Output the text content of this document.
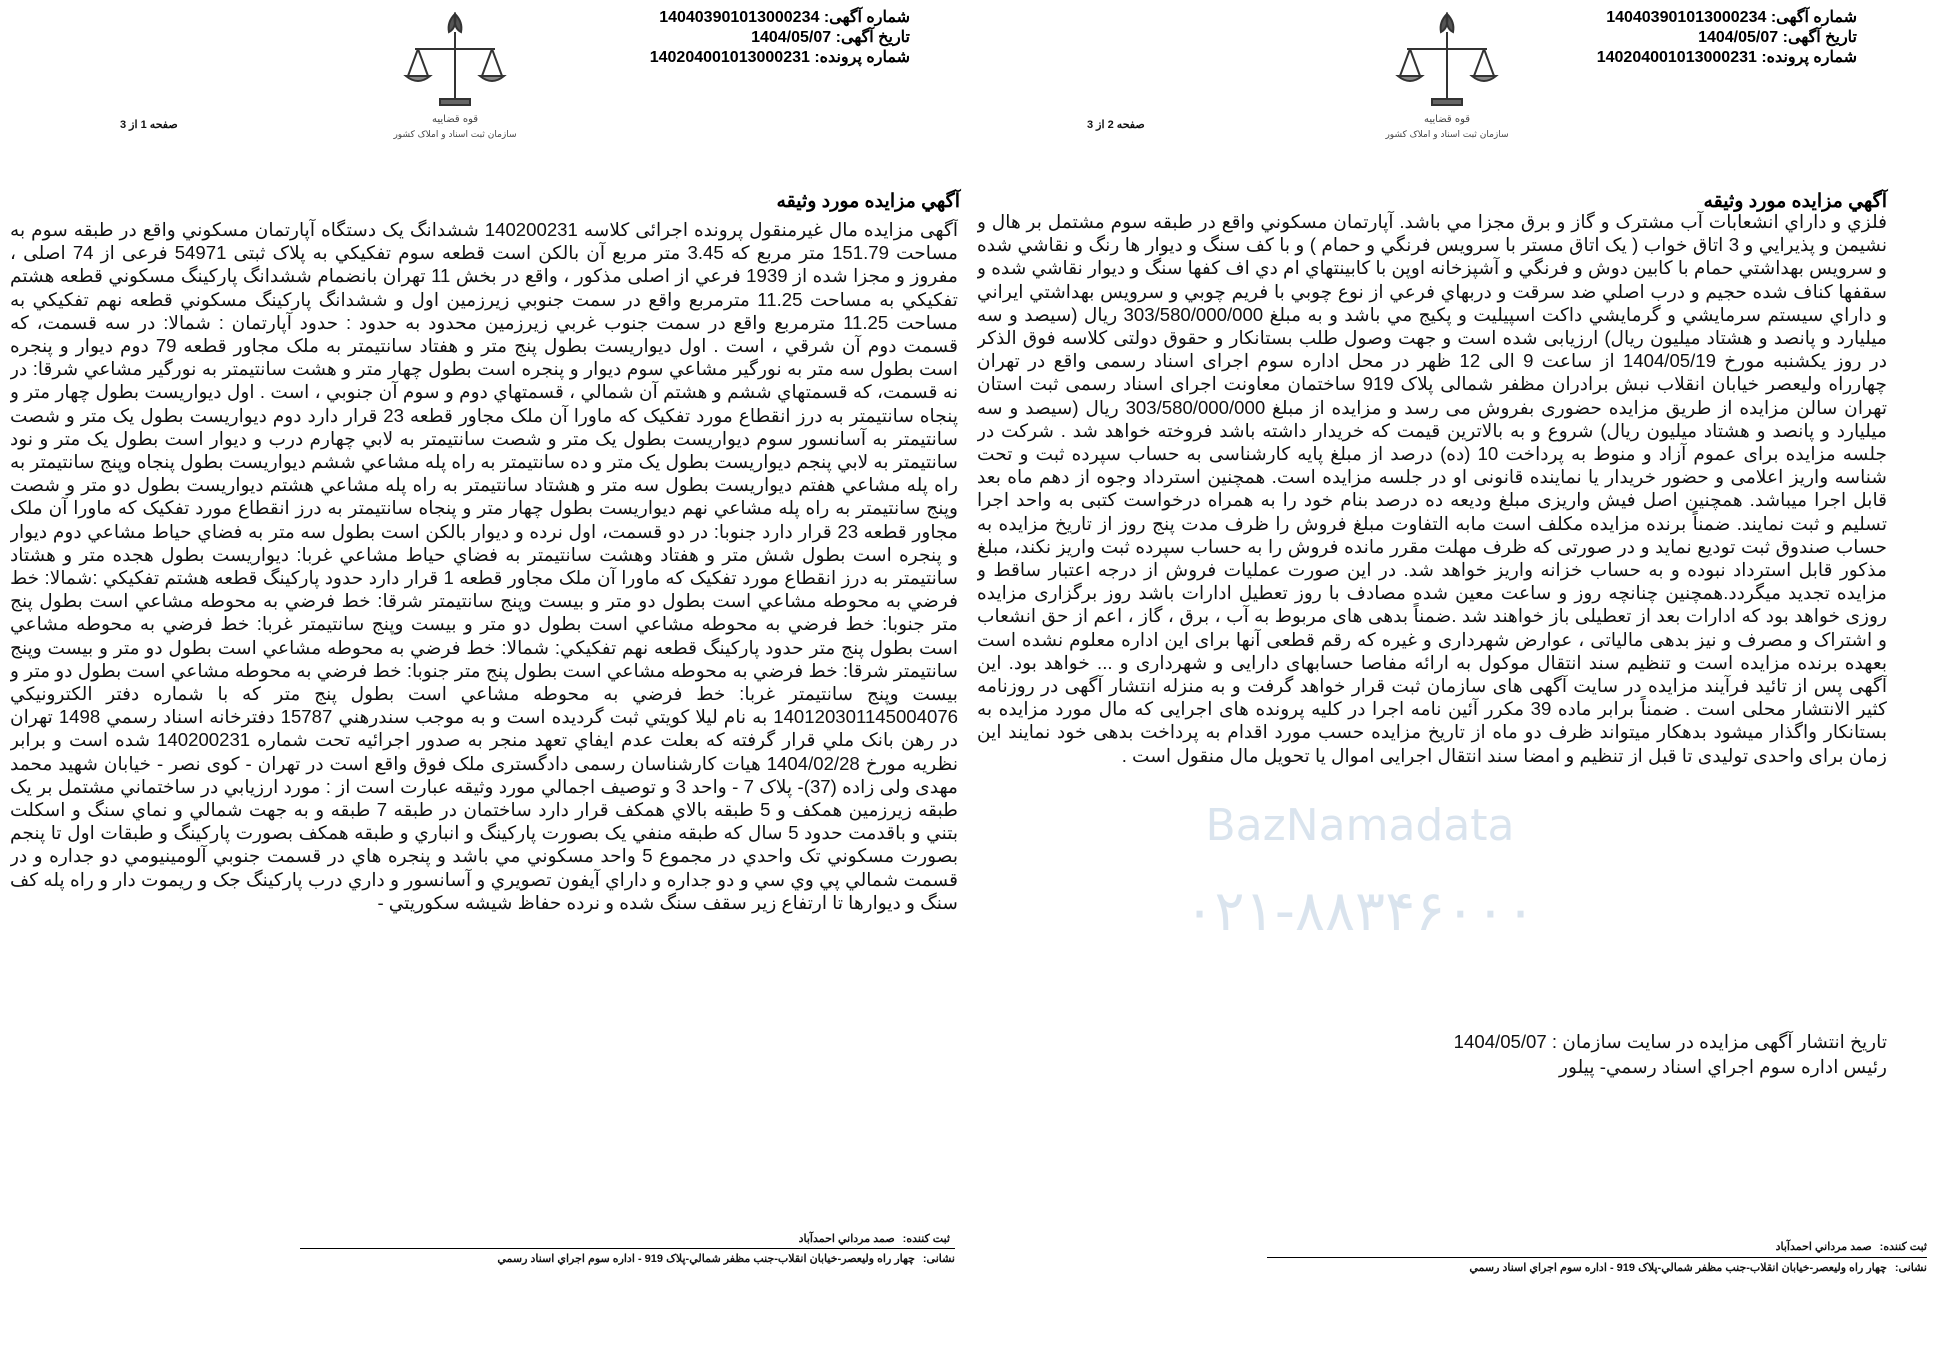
شماره آگهی: 140403901013000234
تاریخ آگهی: 1404/05/07
شماره پرونده: 140204001013000231
قوه قضاییه
سازمان ثبت اسناد و املاک کشور
صفحه 1 از 3
آگهي مزايده مورد وثيقه
آگهی مزایده مال غیرمنقول پرونده اجرائی کلاسه 140200231 ششدانگ يک دستگاه آپارتمان مسکوني واقع در طبقه سوم به مساحت 151.79 متر مربع که 3.45 متر مربع آن بالکن است قطعه سوم تفکيکي به پلاک ثبتی 54971 فرعی از 74 اصلی ، مفروز و مجزا شده از 1939 فرعي از اصلی مذکور ، واقع در بخش 11 تهران بانضمام ششدانگ پارکينگ مسکوني قطعه هشتم تفکيکي به مساحت 11.25 مترمربع واقع در سمت جنوبي زيرزمين اول و ششدانگ پارکينگ مسکوني قطعه نهم تفکيکي به مساحت 11.25 مترمربع واقع در سمت جنوب غربي زيرزمين محدود به حدود : حدود آپارتمان : شمالا: در سه قسمت، که قسمت دوم آن شرقي ، است . اول ديواريست بطول پنج متر و هفتاد سانتيمتر به ملک مجاور قطعه 79 دوم ديوار و پنجره است بطول سه متر به نورگير مشاعي سوم ديوار و پنجره است بطول چهار متر و هشت سانتيمتر به نورگير مشاعي شرقا: در نه قسمت، که قسمتهاي ششم و هشتم آن شمالي ، قسمتهاي دوم و سوم آن جنوبي ، است . اول ديواريست بطول چهار متر و پنجاه سانتيمتر به درز انقطاع مورد تفکيک که ماورا آن ملک مجاور قطعه 23 قرار دارد دوم ديواريست بطول يک متر و شصت سانتيمتر به آسانسور سوم ديواريست بطول يک متر و شصت سانتيمتر به لابي چهارم درب و ديوار است بطول يک متر و نود سانتيمتر به لابي پنجم ديواريست بطول يک متر و ده سانتيمتر به راه پله مشاعي ششم ديواريست بطول پنجاه وپنج سانتيمتر به راه پله مشاعي هفتم ديواريست بطول سه متر و هشتاد سانتيمتر به راه پله مشاعي هشتم ديواريست بطول دو متر و شصت وپنج سانتيمتر به راه پله مشاعي نهم ديواريست بطول چهار متر و پنجاه سانتيمتر به درز انقطاع مورد تفکيک که ماورا آن ملک مجاور قطعه 23 قرار دارد جنوبا: در دو قسمت، اول نرده و ديوار بالکن است بطول سه متر به فضاي حياط مشاعي دوم ديوار و پنجره است بطول شش متر و هفتاد وهشت سانتيمتر به فضاي حياط مشاعي غربا: ديواريست بطول هجده متر و هشتاد سانتيمتر به درز انقطاع مورد تفکيک که ماورا آن ملک مجاور قطعه 1 قرار دارد حدود پارکينگ قطعه هشتم تفکيکي :شمالا: خط فرضي به محوطه مشاعي است بطول دو متر و بيست وپنج سانتيمتر شرقا: خط فرضي به محوطه مشاعي است بطول پنج متر جنوبا: خط فرضي به محوطه مشاعي است بطول دو متر و بيست وپنج سانتيمتر غربا: خط فرضي به محوطه مشاعي است بطول پنج متر حدود پارکينگ قطعه نهم تفکيکي: شمالا: خط فرضي به محوطه مشاعي است بطول دو متر و بيست وپنج سانتيمتر شرقا: خط فرضي به محوطه مشاعي است بطول پنج متر جنوبا: خط فرضي به محوطه مشاعي است بطول دو متر و بيست وپنج سانتيمتر غربا: خط فرضي به محوطه مشاعي است بطول پنج متر که با شماره دفتر الکترونيکي 140120301145004076 به نام ليلا کويتي ثبت گرديده است و به موجب سندرهني 15787 دفترخانه اسناد رسمي 1498 تهران در رهن بانک ملي قرار گرفته که بعلت عدم ايفاي تعهد منجر به صدور اجرائيه تحت شماره 140200231 شده است و برابر نظريه مورخ 1404/02/28 هيات کارشناسان رسمی دادگستری ملک فوق واقع است در تهران - کوی نصر - خیابان شهيد محمد مهدی ولی زاده (37)- پلاک 7 - واحد 3 و توصيف اجمالي مورد وثيقه عبارت است از : مورد ارزيابي در ساختماني مشتمل بر يک طبقه زيرزمين همکف و 5 طبقه بالاي همکف قرار دارد ساختمان در طبقه 7 طبقه و به جهت شمالي و نماي سنگ و اسکلت بتني و باقدمت حدود 5 سال که طبقه منفي يک بصورت پارکينگ و انباري و طبقه همکف بصورت پارکينگ و طبقات اول تا پنجم بصورت مسکوني تک واحدي در مجموع 5 واحد مسکوني مي باشد و پنجره هاي در قسمت جنوبي آلومينيومي دو جداره و در قسمت شمالي پي وي سي و دو جداره و داراي آيفون تصويري و آسانسور و داري درب پارکينگ جک و ريموت دار و راه پله کف سنگ و ديوارها تا ارتفاع زير سقف سنگ شده و نرده حفاظ شيشه سکوريتي -
ثبت كننده:صمد مرداني احمدآباد
نشانی:چهار راه وليعصر-خيابان انقلاب-جنب مظفر شمالي-پلاک 919 - اداره سوم اجراي اسناد رسمي
شماره آگهی: 140403901013000234
تاریخ آگهی: 1404/05/07
شماره پرونده: 140204001013000231
قوه قضاییه
سازمان ثبت اسناد و املاک کشور
صفحه 2 از 3
آگهي مزايده مورد وثيقه
فلزي و داراي انشعابات آب مشترک و گاز و برق مجزا مي باشد. آپارتمان مسکوني واقع در طبقه سوم مشتمل بر هال و نشيمن و پذيرايي و 3 اتاق خواب ( يک اتاق مستر با سرويس فرنگي و حمام ) و با کف سنگ و ديوار ها رنگ و نقاشي شده و سرويس بهداشتي حمام با کابين دوش و فرنگي و آشپزخانه اوپن با کابينتهاي ام دي اف کفها سنگ و ديوار نقاشي شده و سقفها کناف شده حجيم و درب اصلي ضد سرقت و دربهاي فرعي از نوع چوبي با فريم چوبي و سرويس بهداشتي ايراني و داراي سيستم سرمايشي و گرمايشي داکت اسپيليت و پکيج مي باشد و به مبلغ 303/580/000/000 ريال (سيصد و سه ميليارد و پانصد و هشتاد ميليون ريال) ارزيابی شده است و جهت وصول طلب بستانکار و حقوق دولتی کلاسه فوق الذکر در روز یکشنبه مورخ 1404/05/19 از ساعت 9 الی 12 ظهر در محل اداره سوم اجرای اسناد رسمی واقع در تهران چهارراه وليعصر خيابان انقلاب نبش برادران مظفر شمالی پلاک 919 ساختمان معاونت اجرای اسناد رسمی ثبت استان تهران سالن مزایده از طريق مزايده حضوری بفروش می رسد و مزایده از مبلغ 303/580/000/000 ريال (سيصد و سه ميليارد و پانصد و هشتاد ميليون ريال) شروع و به بالاترين قيمت که خریدار داشته باشد فروخته خواهد شد . شرکت در جلسه مزایده برای عموم آزاد و منوط به پرداخت 10 (ده) درصد از مبلغ پایه کارشناسی به حساب سپرده ثبت و تحت شناسه واریز اعلامی و حضور خریدار یا نماینده قانونی او در جلسه مزایده است. همچنین استرداد وجوه از دهم ماه بعد قابل اجرا میباشد. همچنین اصل فیش واریزی مبلغ ودیعه ده درصد بنام خود را به همراه درخواست کتبی به واحد اجرا تسلیم و ثبت نمایند. ضمناً برنده مزایده مکلف است مابه التفاوت مبلغ فروش را ظرف مدت پنج روز از تاریخ مزایده به حساب صندوق ثبت تودیع نماید و در صورتی که ظرف مهلت مقرر مانده فروش را به حساب سپرده ثبت واریز نکند، مبلغ مذکور قابل استرداد نبوده و به حساب خزانه واریز خواهد شد. در این صورت عملیات فروش از درجه اعتبار ساقط و مزایده تجدید میگردد.همچنین چنانچه روز و ساعت معین شده مصادف با روز تعطیل ادارات باشد روز برگزاری مزایده روزی خواهد بود که ادارات بعد از تعطیلی باز خواهند شد .ضمناً بدهی های مربوط به آب ، برق ، گاز ، اعم از حق انشعاب و اشتراک و مصرف و نیز بدهی مالیاتی ، عوارض شهرداری و غیره که رقم قطعی آنها برای این اداره معلوم نشده است بعهده برنده مزایده است و تنظیم سند انتقال موکول به ارائه مفاصا حسابهای دارایی و شهرداری و ... خواهد بود. این آگهی پس از تائید فرآیند مزایده در سایت آگهی های سازمان ثبت قرار خواهد گرفت و به منزله انتشار آگهی در روزنامه کثیر الانتشار محلی است . ضمناً برابر ماده 39 مکرر آئین نامه اجرا در کلیه پرونده های اجرایی که مال مورد مزایده به بستانکار واگذار میشود بدهکار میتواند ظرف دو ماه از تاریخ مزایده حسب مورد اقدام به پرداخت بدهی خود نمایند این زمان برای واحدی تولیدی تا قبل از تنظیم و امضا سند انتقال اجرایی اموال یا تحویل مال منقول است .
تاريخ انتشار آگهی مزايده در سايت سازمان : 1404/05/07
رئيس اداره سوم اجراي اسناد رسمي- پيلور
ثبت كننده:صمد مرداني احمدآباد
نشانی:چهار راه وليعصر-خيابان انقلاب-جنب مظفر شمالي-پلاک 919 - اداره سوم اجراي اسناد رسمي
BazNamadata
۰۲۱-۸۸۳۴۶۰۰۰
